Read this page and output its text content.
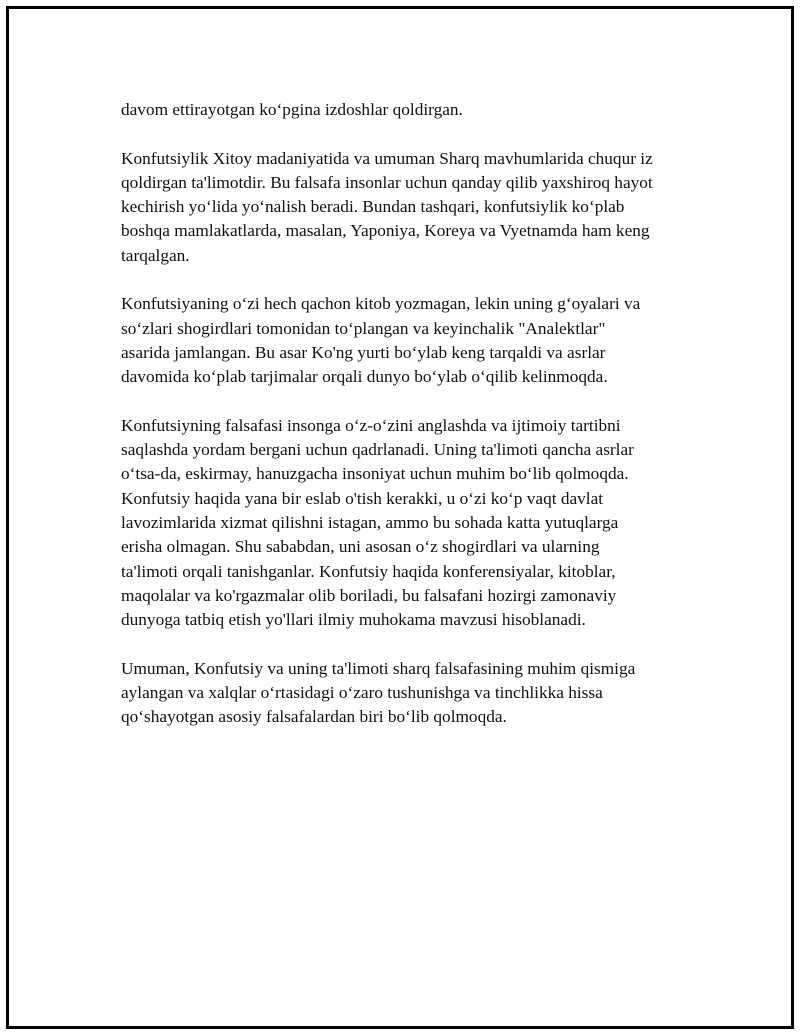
davom ettirayotgan koʻpgina izdoshlar qoldirgan.

Konfutsiylik Xitoy madaniyatida va umuman Sharq mavhumlarida chuqur iz
qoldirgan ta'limotdir. Bu falsafa insonlar uchun qanday qilib yaxshiroq hayot
kechirish yoʻlida yoʻnalish beradi. Bundan tashqari, konfutsiylik koʻplab
boshqa mamlakatlarda, masalan, Yaponiya, Koreya va Vyetnamda ham keng
tarqalgan.

Konfutsiyaning oʻzi hech qachon kitob yozmagan, lekin uning gʻoyalari va
soʻzlari shogirdlari tomonidan toʻplangan va keyinchalik "Analektlar"
asarida jamlangan. Bu asar Ko'ng yurti boʻylab keng tarqaldi va asrlar
davomida koʻplab tarjimalar orqali dunyo boʻylab oʻqilib kelinmoqda.

Konfutsiyning falsafasi insonga oʻz-oʻzini anglashda va ijtimoiy tartibni
saqlashda yordam bergani uchun qadrlanadi. Uning ta'limoti qancha asrlar
oʻtsa-da, eskirmay, hanuzgacha insoniyat uchun muhim boʻlib qolmoqda.
Konfutsiy haqida yana bir eslab o'tish kerakki, u oʻzi koʻp vaqt davlat
lavozimlarida xizmat qilishni istagan, ammo bu sohada katta yutuqlarga
erisha olmagan. Shu sababdan, uni asosan oʻz shogirdlari va ularning
ta'limoti orqali tanishganlar. Konfutsiy haqida konferensiyalar, kitoblar,
maqolalar va ko'rgazmalar olib boriladi, bu falsafani hozirgi zamonaviy
dunyoga tatbiq etish yo'llari ilmiy muhokama mavzusi hisoblanadi.

Umuman, Konfutsiy va uning ta'limoti sharq falsafasining muhim qismiga
aylangan va xalqlar oʻrtasidagi oʻzaro tushunishga va tinchlikka hissa
qoʻshayotgan asosiy falsafalardan biri boʻlib qolmoqda.
